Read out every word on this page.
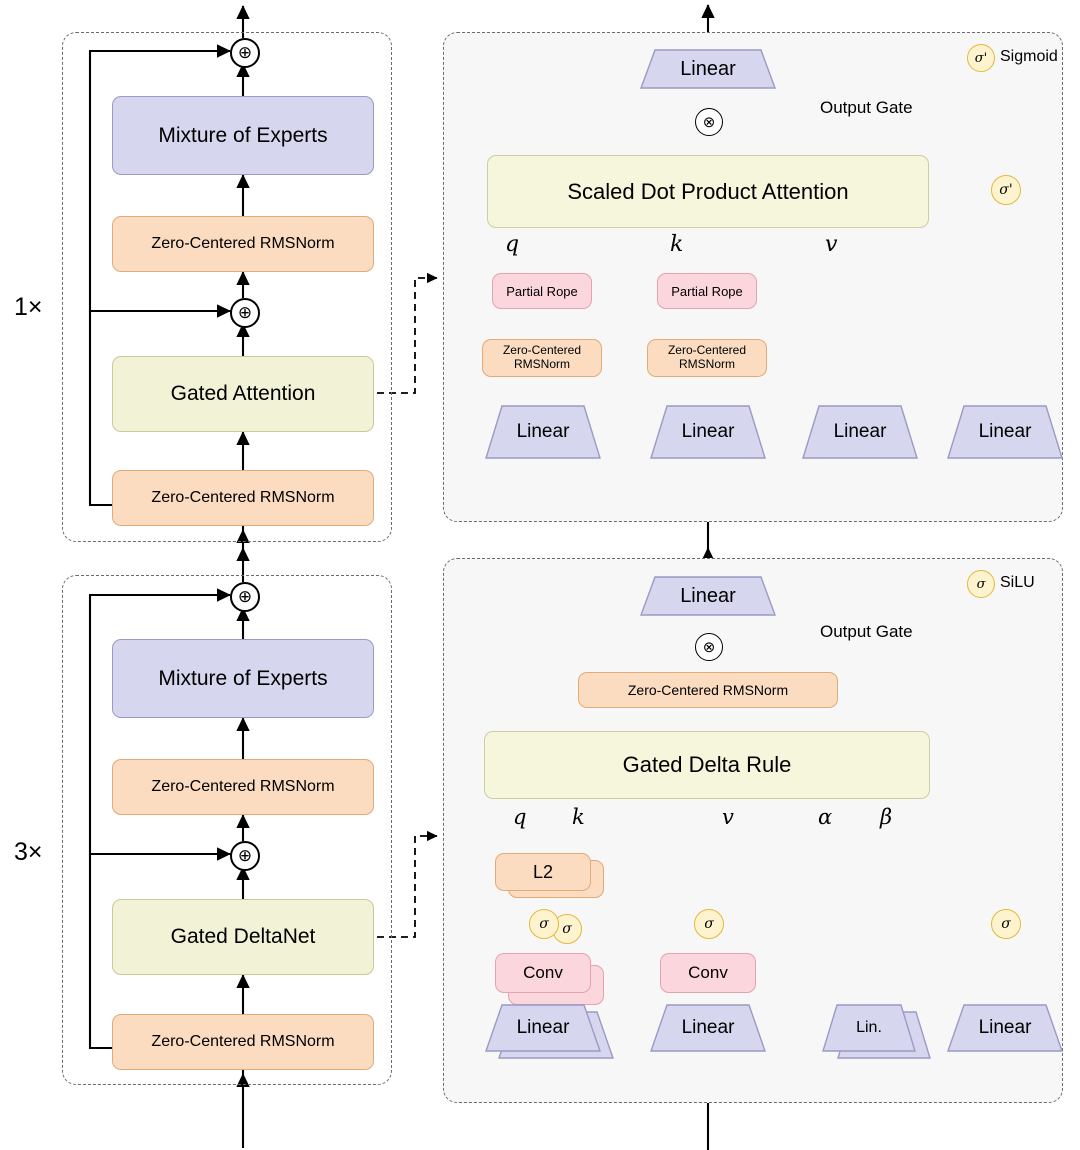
1×
3×
Mixture of Experts
Zero-Centered RMSNorm
Gated Attention
Zero-Centered RMSNorm
⊕
⊕
Mixture of Experts
Zero-Centered RMSNorm
Gated DeltaNet
Zero-Centered RMSNorm
⊕
⊕
σ' Sigmoid
Linear
⊗
Output Gate
σ'
Scaled Dot Product Attention
q	k	v
Partial Rope	Partial Rope
Zero-Centered RMSNorm
Zero-Centered RMSNorm
Linear	Linear	Linear	Linear
σ SiLU
Linear
⊗
Output Gate
Zero-Centered RMSNorm
Gated Delta Rule
q k	v	α β
L2
σ
σ	σ	σ
Conv	Conv
Linear	Linear	Lin.	Linear
